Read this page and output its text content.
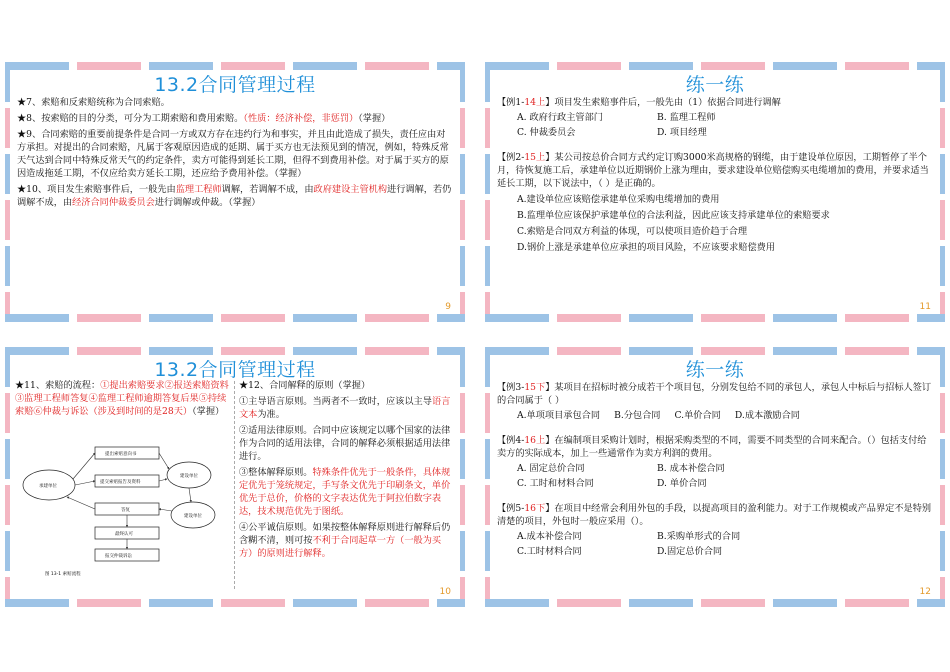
13.2合同管理过程
★7、索赔和反索赔统称为合同索赔。
★8、按索赔的目的分类，可分为工期索赔和费用索赔。（性质：经济补偿，非惩罚）（掌握）
★9、合同索赔的重要前提条件是合同一方或双方存在违约行为和事实，并且由此造成了损失，责任应由对方承担。对提出的合同索赔，凡属于客观原因造成的延期、属于买方也无法预见到的情况，例如，特殊反常天气达到合同中特殊反常天气的约定条件，卖方可能得到延长工期，但得不到费用补偿。对于属于买方的原因造成拖延工期，不仅应给卖方延长工期，还应给予费用补偿。（掌握）
★10、项目发生索赔事件后，一般先由监理工程师调解，若调解不成，由政府建设主管机构进行调解，若仍调解不成，由经济合同仲裁委员会进行调解或仲裁。（掌握）
9
练一练
【例1-14上】项目发生索赔事件后，一般先由（1）依据合同进行调解
A. 政府行政主管部门	B. 监理工程师
C. 仲裁委员会	D. 项目经理
【例2-15上】某公司按总价合同方式约定订购3000米高规格的钢缆，由于建设单位原因，工期暂停了半个月，待恢复施工后，承建单位以近期钢价上涨为理由，要求建设单位赔偿购买电缆增加的费用，并要求适当延长工期，以下说法中，（ ）是正确的。
A.建设单位应该赔偿承建单位采购电缆增加的费用
B.监理单位应该保护承建单位的合法利益，因此应该支持承建单位的索赔要求
C.索赔是合同双方利益的体现，可以使项目造价趋于合理
D.钢价上涨是承建单位应承担的项目风险，不应该要求赔偿费用
11
13.2合同管理过程
★11、索赔的流程：①提出索赔要求②报送索赔资料③监理工程师答复④监理工程师逾期答复后果⑤持续索赔⑥仲裁与诉讼（涉及到时间的是28天）（掌握）
承建单位
建设单位
建设单位
提出索赔意向书
提交索赔报告及资料
答复
最终认可
报交仲裁诉讼
图 13-1 索赔流程
★12、合同解释的原则（掌握）
①主导语言原则。当两者不一致时，应该以主导语言文本为准。
②适用法律原则。合同中应该规定以哪个国家的法律作为合同的适用法律，合同的解释必须根据适用法律进行。
③整体解释原则。特殊条件优先于一般条件，具体规定优先于笼统规定，手写条文优先于印刷条文，单价优先于总价，价格的文字表达优先于阿拉伯数字表达，技术规范优先于图纸。
④公平诚信原则。如果按整体解释原则进行解释后仍含糊不清，则可按不利于合同起草一方（一般为买方）的原则进行解释。
10
练一练
【例3-15下】某项目在招标时被分成若干个项目包，分别发包给不同的承包人，承包人中标后与招标人签订的合同属于（ ）
A.单项项目承包合同 B.分包合同 C.单价合同 D.成本激励合同
【例4-16上】在编制项目采购计划时，根据采购类型的不同，需要不同类型的合同来配合。（）包括支付给卖方的实际成本，加上一些通常作为卖方利润的费用。
A. 固定总价合同	B. 成本补偿合同
C. 工时和材料合同	D. 单价合同
【例5-16下】在项目中经常会利用外包的手段，以提高项目的盈利能力。对于工作规模或产品界定不是特别清楚的项目，外包时一般应采用（）。
A.成本补偿合同	B.采购单形式的合同
C.工时材料合同	D.固定总价合同
12
